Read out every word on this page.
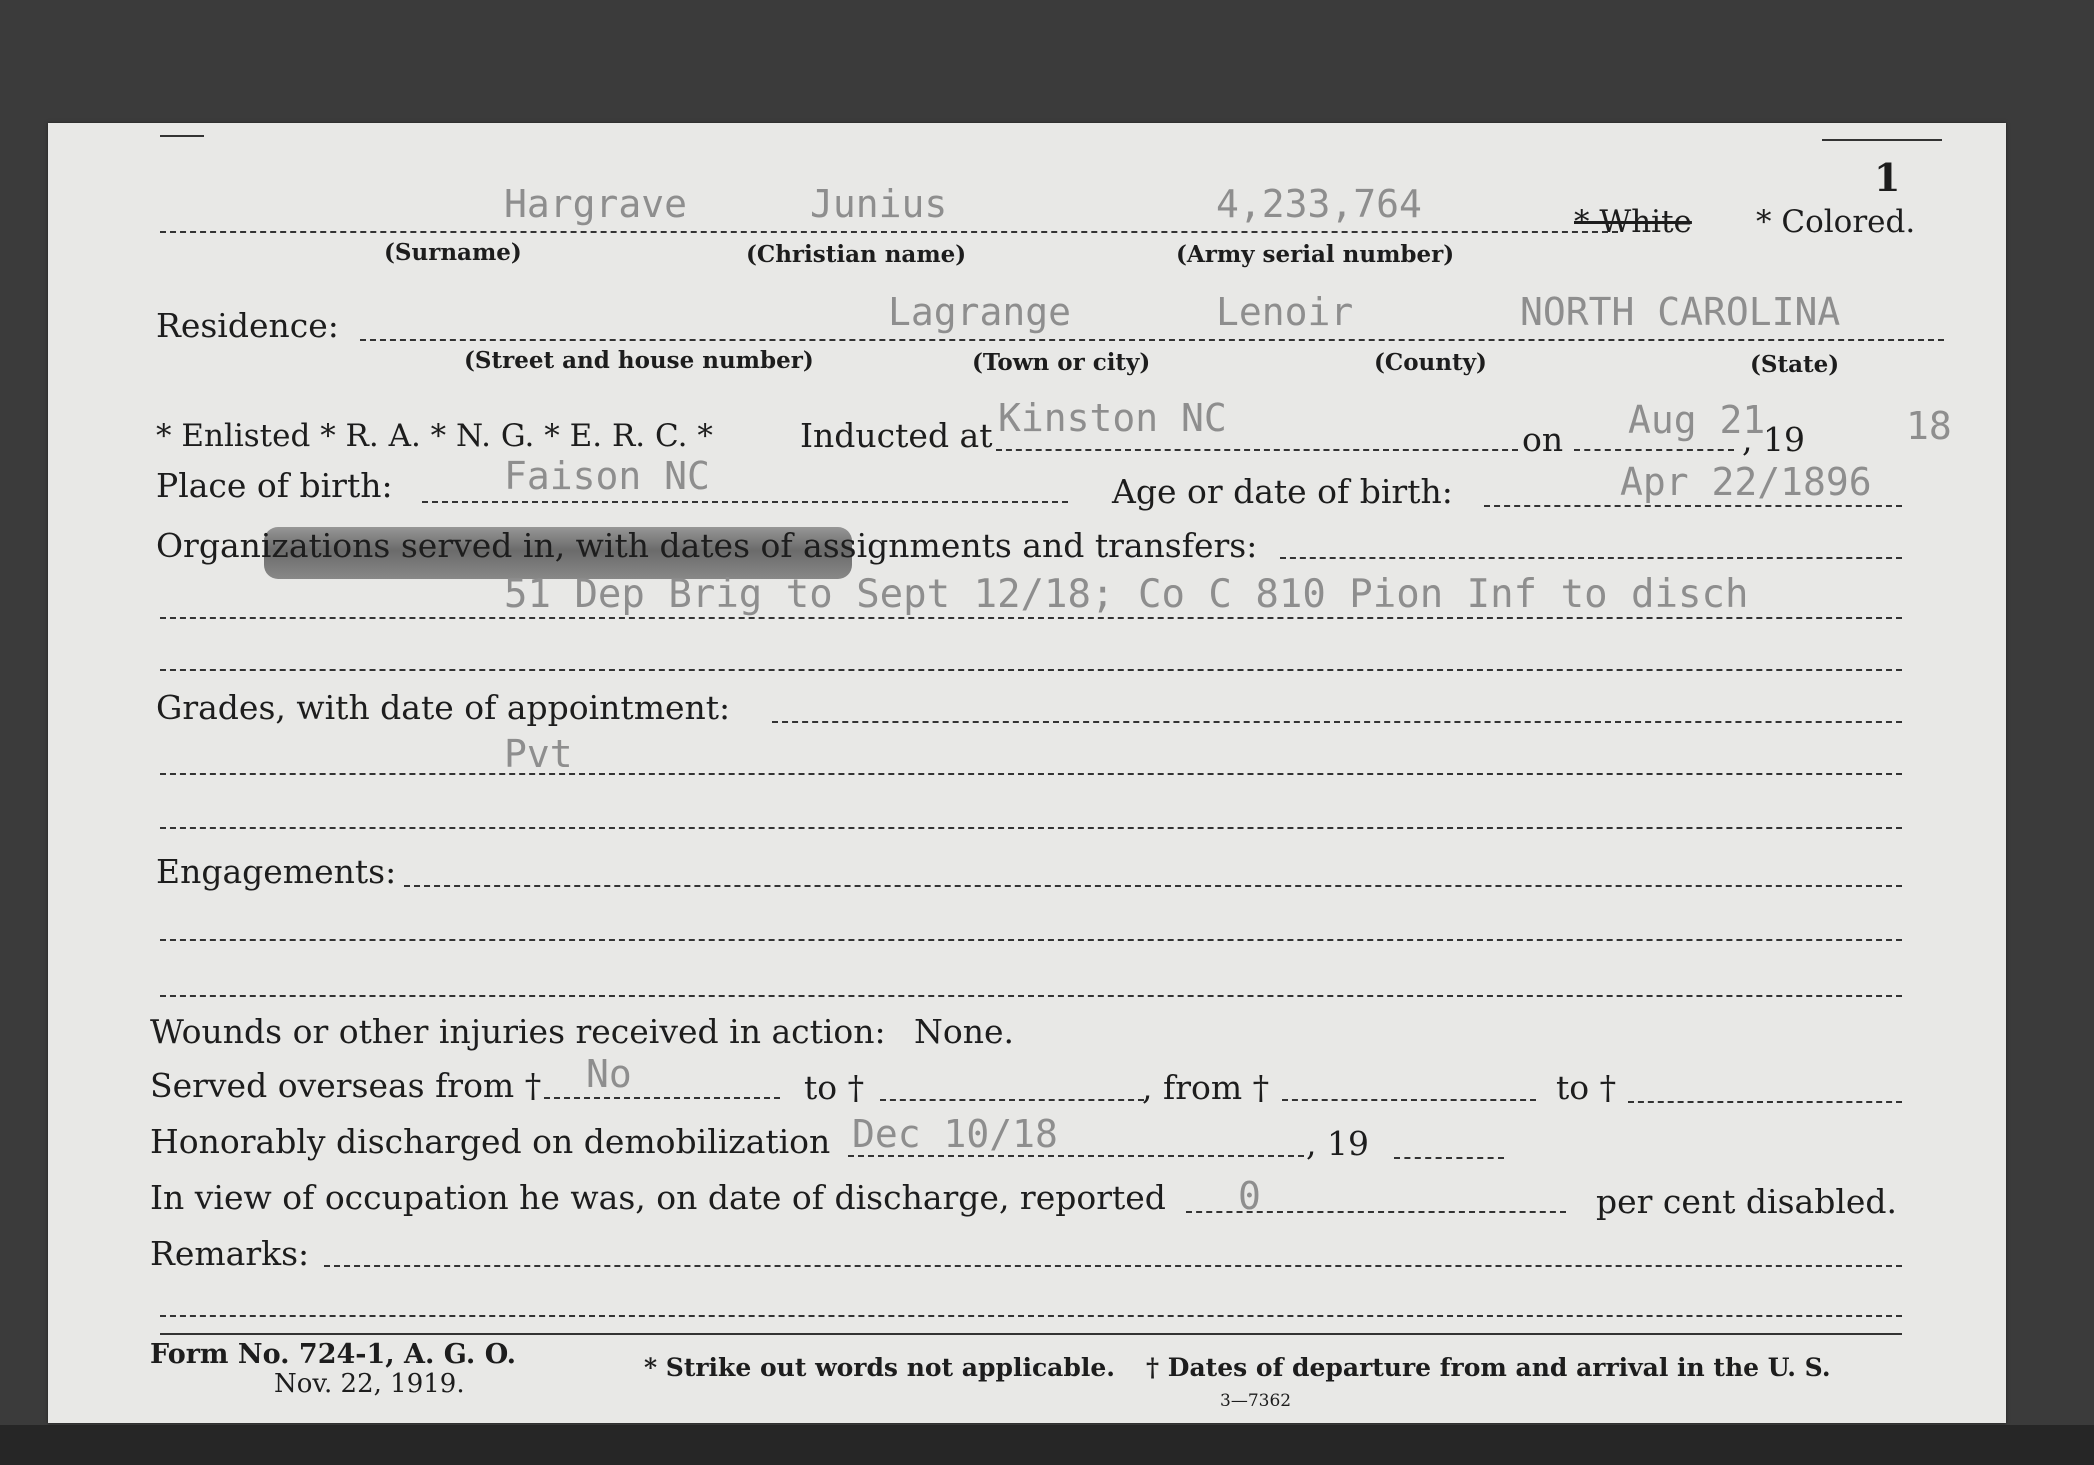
1
Hargrave	Junius	4,233,764	* White * Colored.
(Surname)	(Christian name)	(Army serial number)
Residence:	Lagrange	Lenoir	NORTH CAROLINA
(Street and house number)	(Town or city)	(County)	(State)
* Enlisted * R. A. * N. G. * E. R. C. *	Inducted at Kinston NC	on Aug 21
, 19	18
Place of birth:	Faison NC	Age or date of birth:	Apr 22/1896
Organizations served in, with dates of assignments and transfers:
51 Dep Brig to Sept 12/18; Co C 810 Pion Inf to disch
Grades, with date of appointment:
Pvt
Engagements:
Wounds or other injuries received in action: None.
Served overseas from † No	to †	, from †	to †
Honorably discharged on demobilization Dec 10/18	, 19
In view of occupation he was, on date of discharge, reported 0	per cent disabled.
Remarks:
Form No. 724-1, A. G. O.
Nov. 22, 1919.
* Strike out words not applicable. † Dates of departure from and arrival in the U. S.
3—7362
